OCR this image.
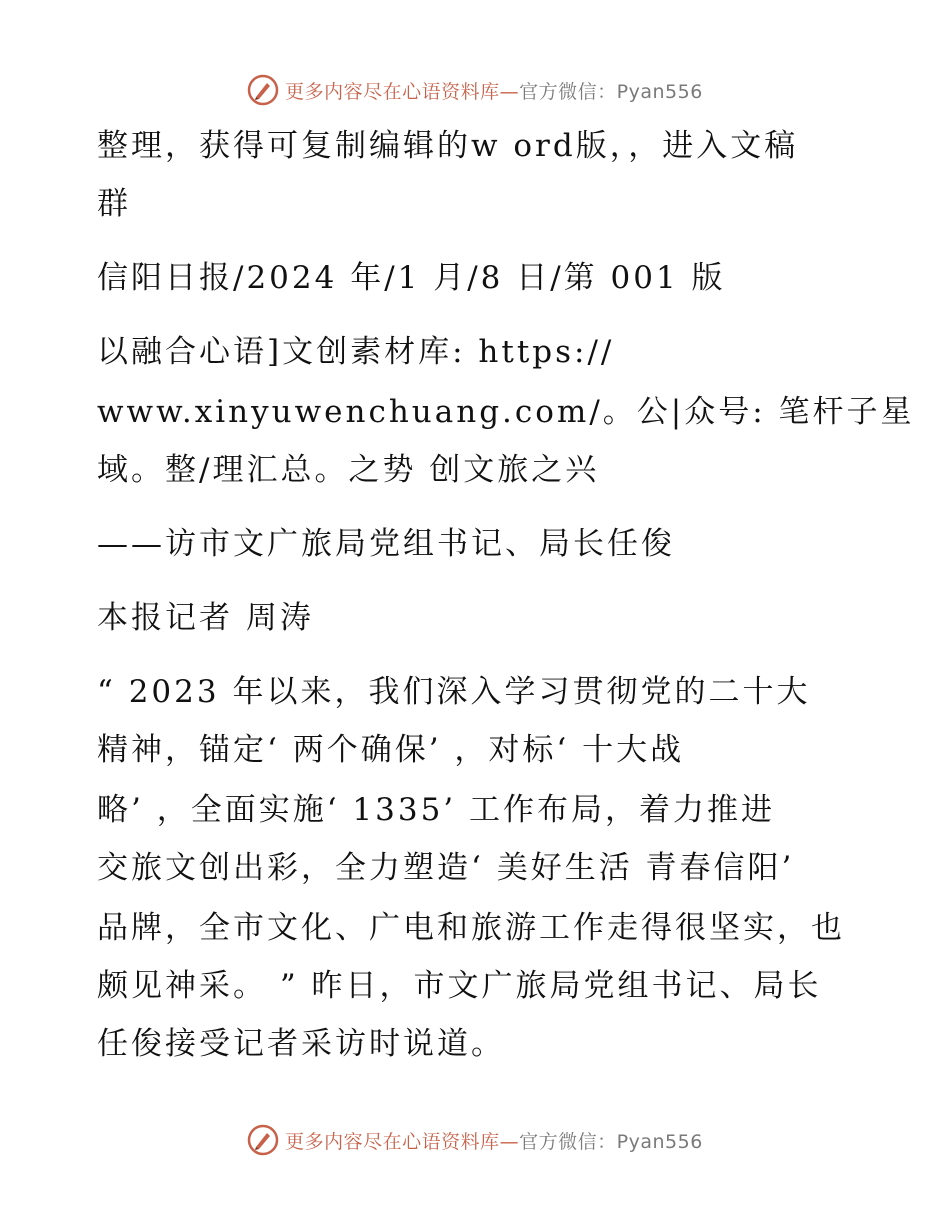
更多内容尽在心语资料库—官方微信：Pyan556
整理，获得可复制编辑的w ord版，，进入文稿
群
信阳日报/2024 年/1 月/8 日/第 001 版
以融合心语]文创素材库: https://
www.xinyuwenchuang.com/。公|众号: 笔杆子星
域。整/理汇总。之势 创文旅之兴
——访市文广旅局党组书记、局长任俊
本报记者 周涛
“ 2023 年以来，我们深入学习贯彻党的二十大
精神，锚定‘ 两个确保’ ，对标‘ 十大战
略’ ，全面实施‘ 1335’ 工作布局，着力推进
交旅文创出彩，全力塑造‘ 美好生活 青春信阳’
品牌，全市文化、广电和旅游工作走得很坚实，也
颇见神采。 ” 昨日，市文广旅局党组书记、局长
任俊接受记者采访时说道。
更多内容尽在心语资料库—官方微信：Pyan556
